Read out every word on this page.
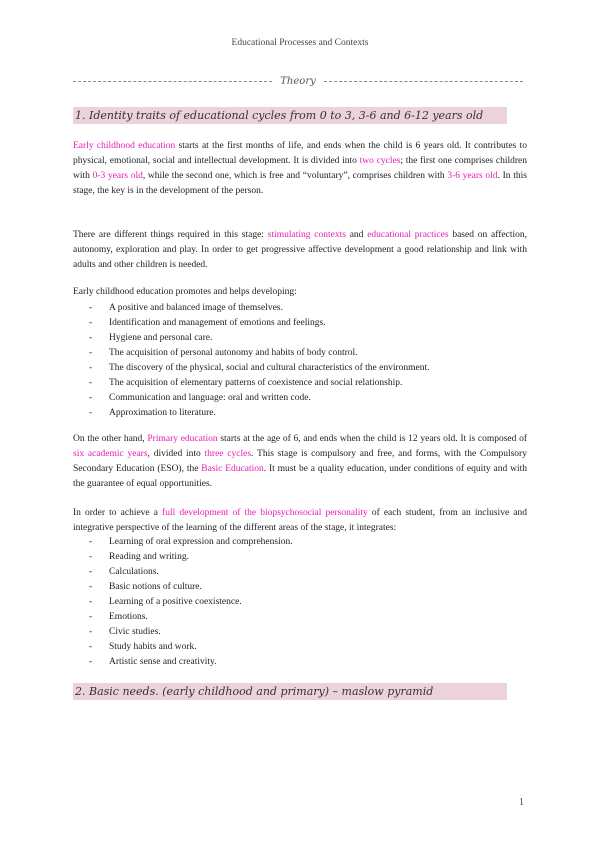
Educational Processes and Contexts
Theory
1. Identity traits of educational cycles from 0 to 3, 3-6 and 6-12 years old

Early childhood education starts at the first months of life, and ends when the child is 6 years old. It contributes to physical, emotional, social and intellectual development. It is divided into two cycles; the first one comprises children with 0-3 years old, while the second one, which is free and “voluntary”, comprises children with 3-6 years old. In this stage, the key is in the development of the person.

There are different things required in this stage: stimulating contexts and educational practices based on affection, autonomy, exploration and play. In order to get progressive affective development a good relationship and link with adults and other children is needed.

Early childhood education promotes and helps developing:

- A positive and balanced image of themselves.
- Identification and management of emotions and feelings.
- Hygiene and personal care.
- The acquisition of personal autonomy and habits of body control.
- The discovery of the physical, social and cultural characteristics of the environment.
- The acquisition of elementary patterns of coexistence and social relationship.
- Communication and language: oral and written code.
- Approximation to literature.

On the other hand, Primary education starts at the age of 6, and ends when the child is 12 years old. It is composed of six academic years, divided into three cycles. This stage is compulsory and free, and forms, with the Compulsory Secondary Education (ESO), the Basic Education. It must be a quality education, under conditions of equity and with the guarantee of equal opportunities.

In order to achieve a full development of the biopsychosocial personality of each student, from an inclusive and integrative perspective of the learning of the different areas of the stage, it integrates:

- Learning of oral expression and comprehension.
- Reading and writing.
- Calculations.
- Basic notions of culture.
- Learning of a positive coexistence.
- Emotions.
- Civic studies.
- Study habits and work.
- Artistic sense and creativity.
2. Basic needs. (early childhood and primary) – maslow pyramid
1
